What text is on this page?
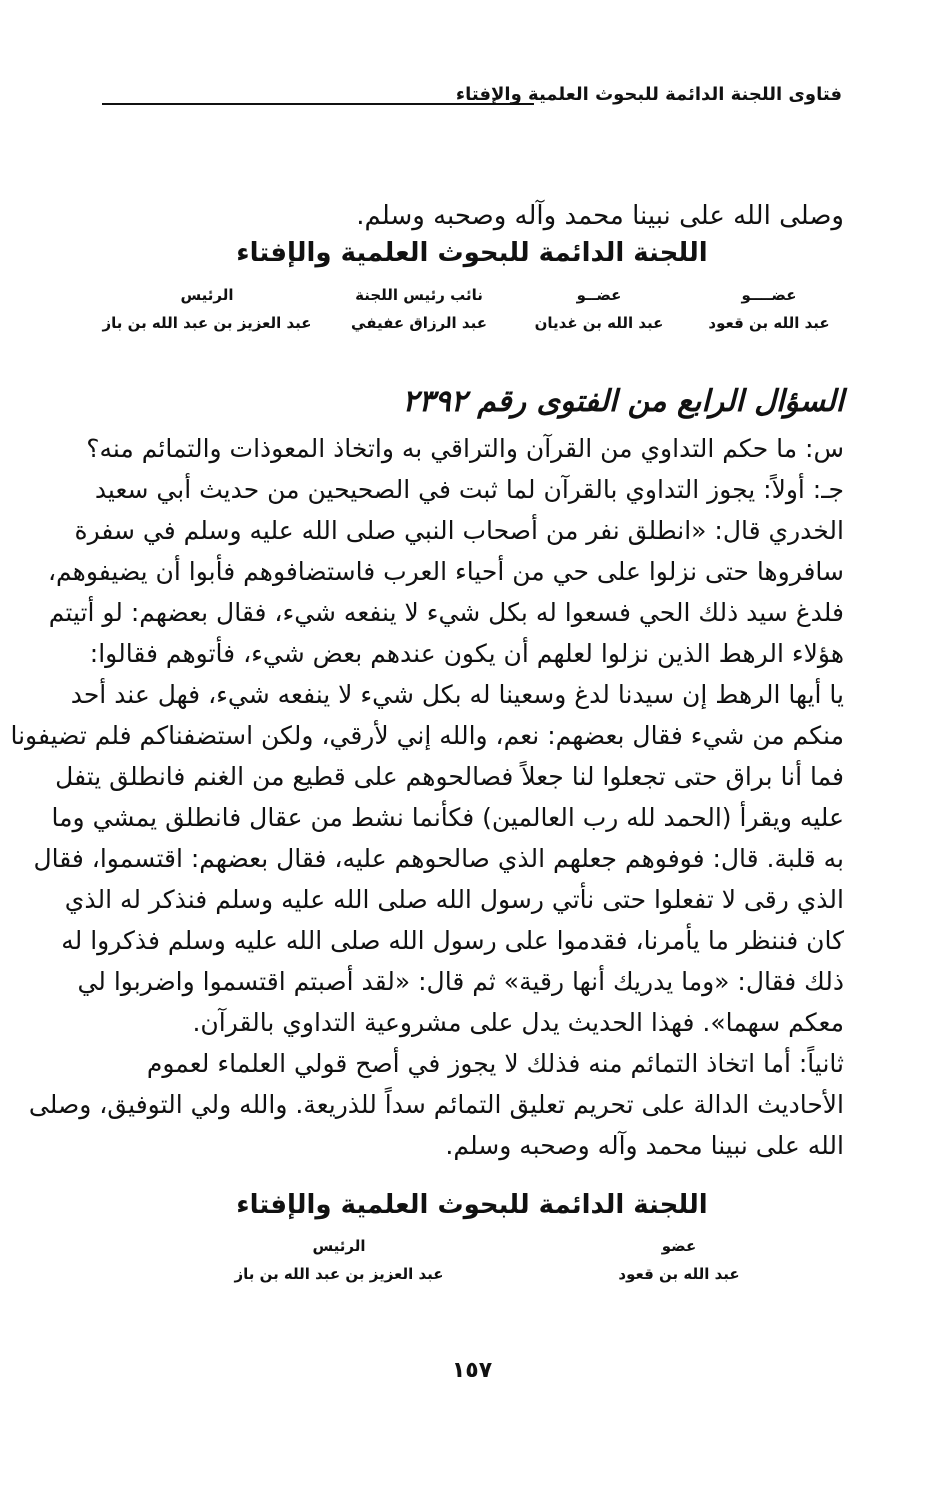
فتاوى اللجنة الدائمة للبحوث العلمية والإفتاء
وصلى الله على نبينا محمد وآله وصحبه وسلم.
اللجنة الدائمة للبحوث العلمية والإفتاء
عضــــو
عبد الله بن قعود
عضــو
عبد الله بن غديان
نائب رئيس اللجنة
عبد الرزاق عفيفي
الرئيس
عبد العزيز بن عبد الله بن باز
السؤال الرابع من الفتوى رقم ٢٣٩٢
س: ما حكم التداوي من القرآن والتراقي به واتخاذ المعوذات والتمائم منه؟
جـ: أولاً: يجوز التداوي بالقرآن لما ثبت في الصحيحين من حديث أبي سعيد
الخدري قال: «انطلق نفر من أصحاب النبي صلى الله عليه وسلم في سفرة
سافروها حتى نزلوا على حي من أحياء العرب فاستضافوهم فأبوا أن يضيفوهم،
فلدغ سيد ذلك الحي فسعوا له بكل شيء لا ينفعه شيء، فقال بعضهم: لو أتيتم
هؤلاء الرهط الذين نزلوا لعلهم أن يكون عندهم بعض شيء، فأتوهم فقالوا:
يا أيها الرهط إن سيدنا لدغ وسعينا له بكل شيء لا ينفعه شيء، فهل عند أحد
منكم من شيء فقال بعضهم: نعم، والله إني لأرقي، ولكن استضفناكم فلم تضيفونا
فما أنا براق حتى تجعلوا لنا جعلاً فصالحوهم على قطيع من الغنم فانطلق يتفل
عليه ويقرأ (الحمد لله رب العالمين) فكأنما نشط من عقال فانطلق يمشي وما
به قلبة. قال: فوفوهم جعلهم الذي صالحوهم عليه، فقال بعضهم: اقتسموا، فقال
الذي رقى لا تفعلوا حتى نأتي رسول الله صلى الله عليه وسلم فنذكر له الذي
كان فننظر ما يأمرنا، فقدموا على رسول الله صلى الله عليه وسلم فذكروا له
ذلك فقال: «وما يدريك أنها رقية» ثم قال: «لقد أصبتم اقتسموا واضربوا لي
معكم سهما». فهذا الحديث يدل على مشروعية التداوي بالقرآن.
ثانياً: أما اتخاذ التمائم منه فذلك لا يجوز في أصح قولي العلماء لعموم
الأحاديث الدالة على تحريم تعليق التمائم سداً للذريعة. والله ولي التوفيق، وصلى
الله على نبينا محمد وآله وصحبه وسلم.
اللجنة الدائمة للبحوث العلمية والإفتاء
عضو
عبد الله بن قعود
الرئيس
عبد العزيز بن عبد الله بن باز
١٥٧
